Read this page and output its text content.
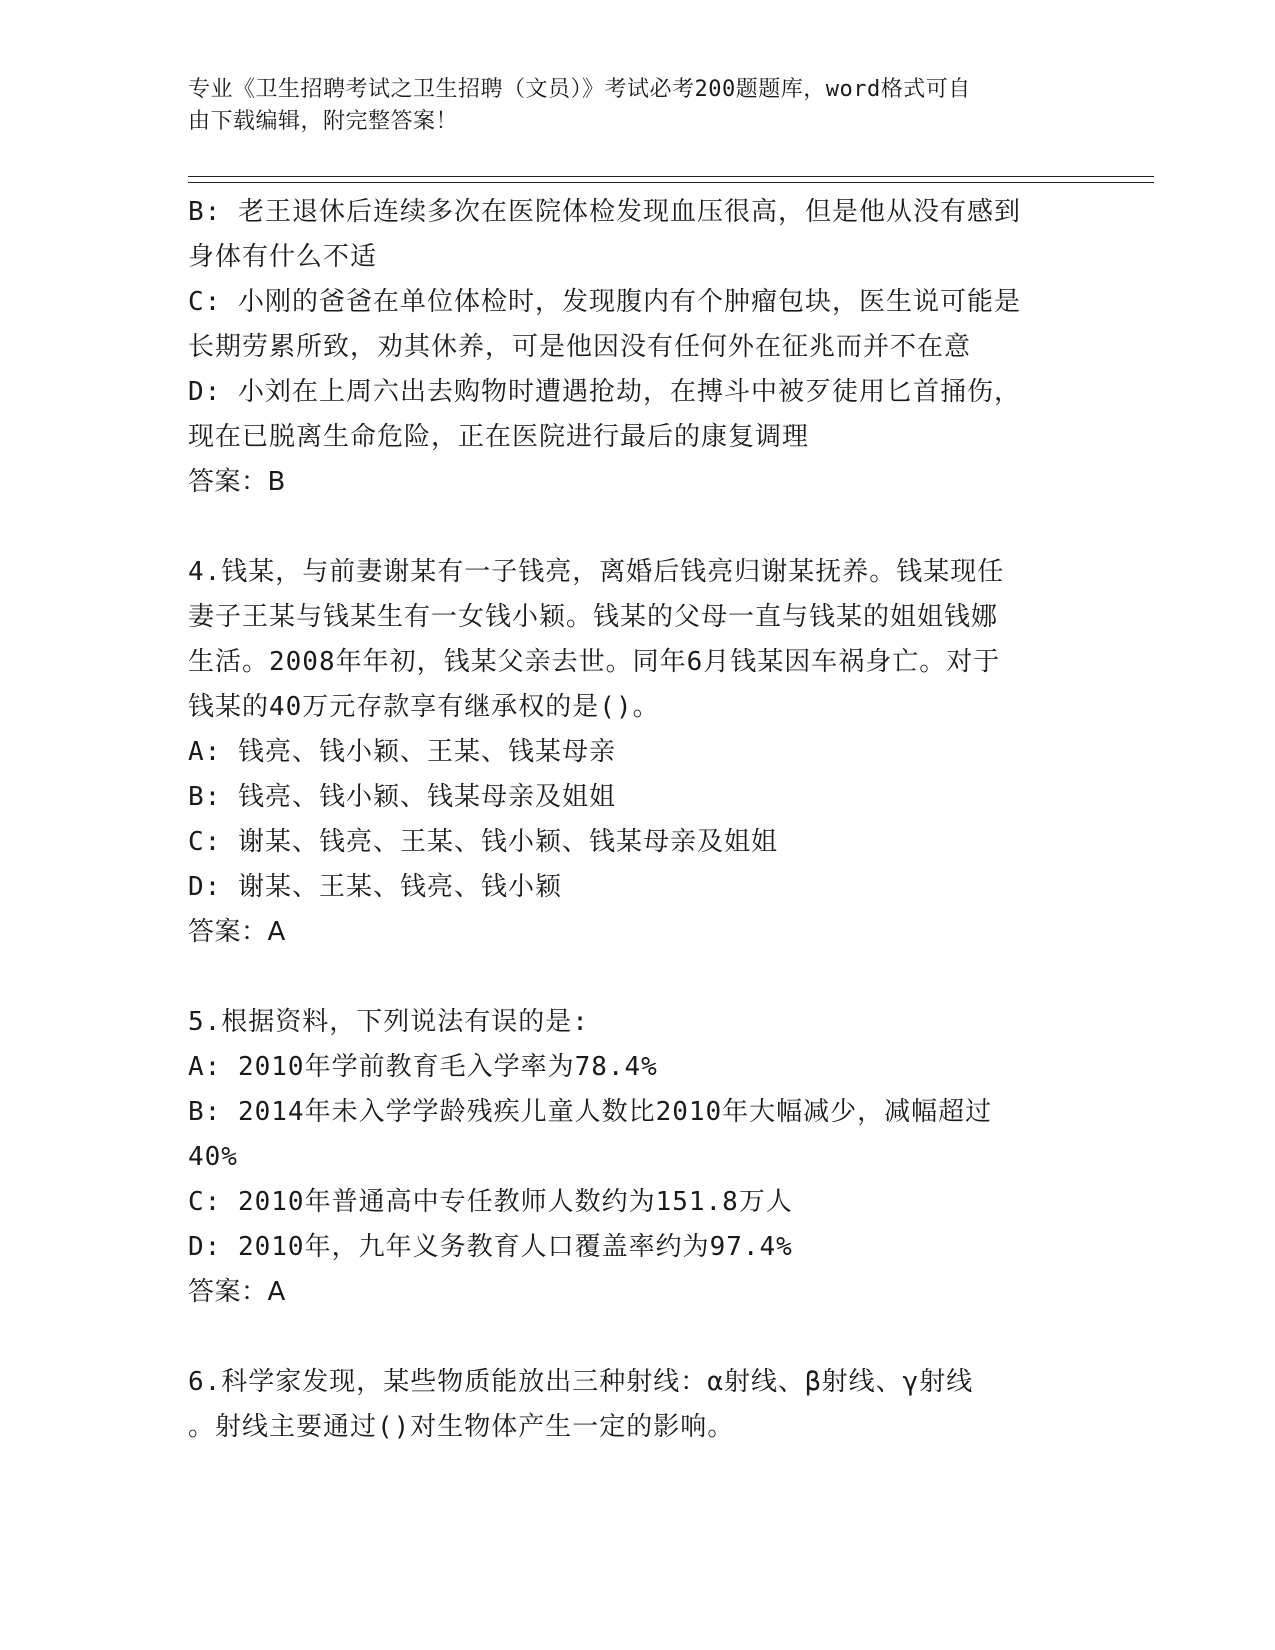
专业《卫生招聘考试之卫生招聘（文员）》考试必考200题题库，word格式可自
由下载编辑，附完整答案！
B: 老王退休后连续多次在医院体检发现血压很高，但是他从没有感到
身体有什么不适
C: 小刚的爸爸在单位体检时，发现腹内有个肿瘤包块，医生说可能是
长期劳累所致，劝其休养，可是他因没有任何外在征兆而并不在意
D: 小刘在上周六出去购物时遭遇抢劫，在搏斗中被歹徒用匕首捅伤，
现在已脱离生命危险，正在医院进行最后的康复调理
答案：B
4.钱某，与前妻谢某有一子钱亮，离婚后钱亮归谢某抚养。钱某现任
妻子王某与钱某生有一女钱小颖。钱某的父母一直与钱某的姐姐钱娜
生活。2008年年初，钱某父亲去世。同年6月钱某因车祸身亡。对于
钱某的40万元存款享有继承权的是()。
A: 钱亮、钱小颖、王某、钱某母亲
B: 钱亮、钱小颖、钱某母亲及姐姐
C: 谢某、钱亮、王某、钱小颖、钱某母亲及姐姐
D: 谢某、王某、钱亮、钱小颖
答案：A
5.根据资料，下列说法有误的是:
A: 2010年学前教育毛入学率为78.4%
B: 2014年未入学学龄残疾儿童人数比2010年大幅减少，减幅超过
40%
C: 2010年普通高中专任教师人数约为151.8万人
D: 2010年，九年义务教育人口覆盖率约为97.4%
答案：A
6.科学家发现，某些物质能放出三种射线：α射线、β射线、γ射线
。射线主要通过()对生物体产生一定的影响。
